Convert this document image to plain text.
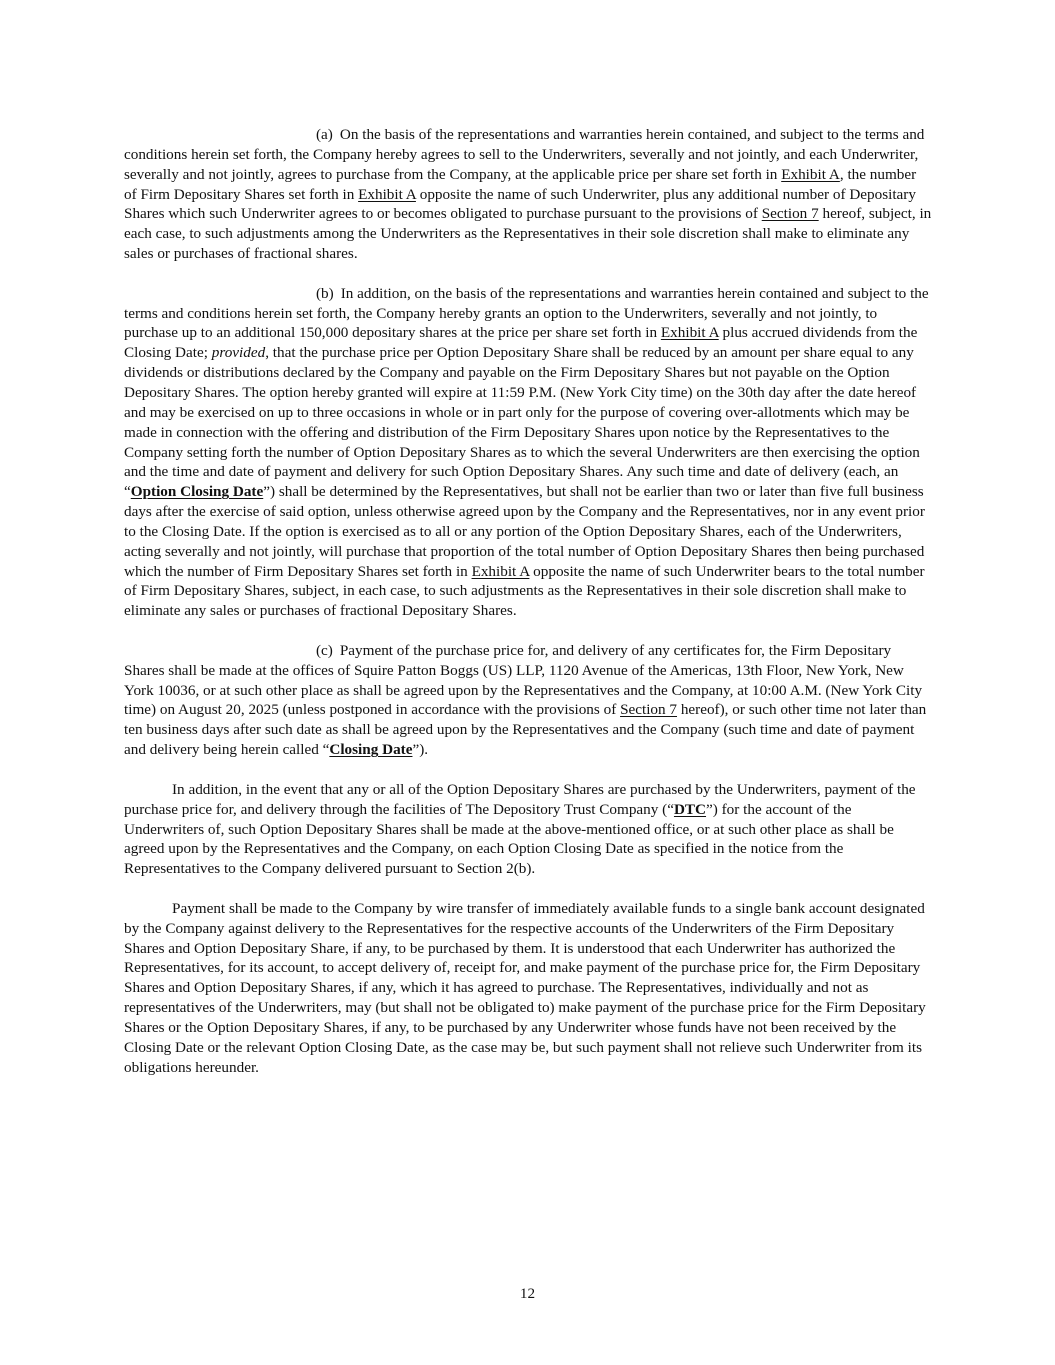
(a) On the basis of the representations and warranties herein contained, and subject to the terms and conditions herein set forth, the Company hereby agrees to sell to the Underwriters, severally and not jointly, and each Underwriter, severally and not jointly, agrees to purchase from the Company, at the applicable price per share set forth in Exhibit A, the number of Firm Depositary Shares set forth in Exhibit A opposite the name of such Underwriter, plus any additional number of Depositary Shares which such Underwriter agrees to or becomes obligated to purchase pursuant to the provisions of Section 7 hereof, subject, in each case, to such adjustments among the Underwriters as the Representatives in their sole discretion shall make to eliminate any sales or purchases of fractional shares.

(b) In addition, on the basis of the representations and warranties herein contained and subject to the terms and conditions herein set forth, the Company hereby grants an option to the Underwriters, severally and not jointly, to purchase up to an additional 150,000 depositary shares at the price per share set forth in Exhibit A plus accrued dividends from the Closing Date; provided, that the purchase price per Option Depositary Share shall be reduced by an amount per share equal to any dividends or distributions declared by the Company and payable on the Firm Depositary Shares but not payable on the Option Depositary Shares. The option hereby granted will expire at 11:59 P.M. (New York City time) on the 30th day after the date hereof and may be exercised on up to three occasions in whole or in part only for the purpose of covering over-allotments which may be made in connection with the offering and distribution of the Firm Depositary Shares upon notice by the Representatives to the Company setting forth the number of Option Depositary Shares as to which the several Underwriters are then exercising the option and the time and date of payment and delivery for such Option Depositary Shares. Any such time and date of delivery (each, an “Option Closing Date”) shall be determined by the Representatives, but shall not be earlier than two or later than five full business days after the exercise of said option, unless otherwise agreed upon by the Company and the Representatives, nor in any event prior to the Closing Date. If the option is exercised as to all or any portion of the Option Depositary Shares, each of the Underwriters, acting severally and not jointly, will purchase that proportion of the total number of Option Depositary Shares then being purchased which the number of Firm Depositary Shares set forth in Exhibit A opposite the name of such Underwriter bears to the total number of Firm Depositary Shares, subject, in each case, to such adjustments as the Representatives in their sole discretion shall make to eliminate any sales or purchases of fractional Depositary Shares.

(c) Payment of the purchase price for, and delivery of any certificates for, the Firm Depositary Shares shall be made at the offices of Squire Patton Boggs (US) LLP, 1120 Avenue of the Americas, 13th Floor, New York, New York 10036, or at such other place as shall be agreed upon by the Representatives and the Company, at 10:00 A.M. (New York City time) on August 20, 2025 (unless postponed in accordance with the provisions of Section 7 hereof), or such other time not later than ten business days after such date as shall be agreed upon by the Representatives and the Company (such time and date of payment and delivery being herein called “Closing Date”).

In addition, in the event that any or all of the Option Depositary Shares are purchased by the Underwriters, payment of the purchase price for, and delivery through the facilities of The Depository Trust Company (“DTC”) for the account of the Underwriters of, such Option Depositary Shares shall be made at the above-mentioned office, or at such other place as shall be agreed upon by the Representatives and the Company, on each Option Closing Date as specified in the notice from the Representatives to the Company delivered pursuant to Section 2(b).

Payment shall be made to the Company by wire transfer of immediately available funds to a single bank account designated by the Company against delivery to the Representatives for the respective accounts of the Underwriters of the Firm Depositary Shares and Option Depositary Share, if any, to be purchased by them. It is understood that each Underwriter has authorized the Representatives, for its account, to accept delivery of, receipt for, and make payment of the purchase price for, the Firm Depositary Shares and Option Depositary Shares, if any, which it has agreed to purchase. The Representatives, individually and not as representatives of the Underwriters, may (but shall not be obligated to) make payment of the purchase price for the Firm Depositary Shares or the Option Depositary Shares, if any, to be purchased by any Underwriter whose funds have not been received by the Closing Date or the relevant Option Closing Date, as the case may be, but such payment shall not relieve such Underwriter from its obligations hereunder.

12
